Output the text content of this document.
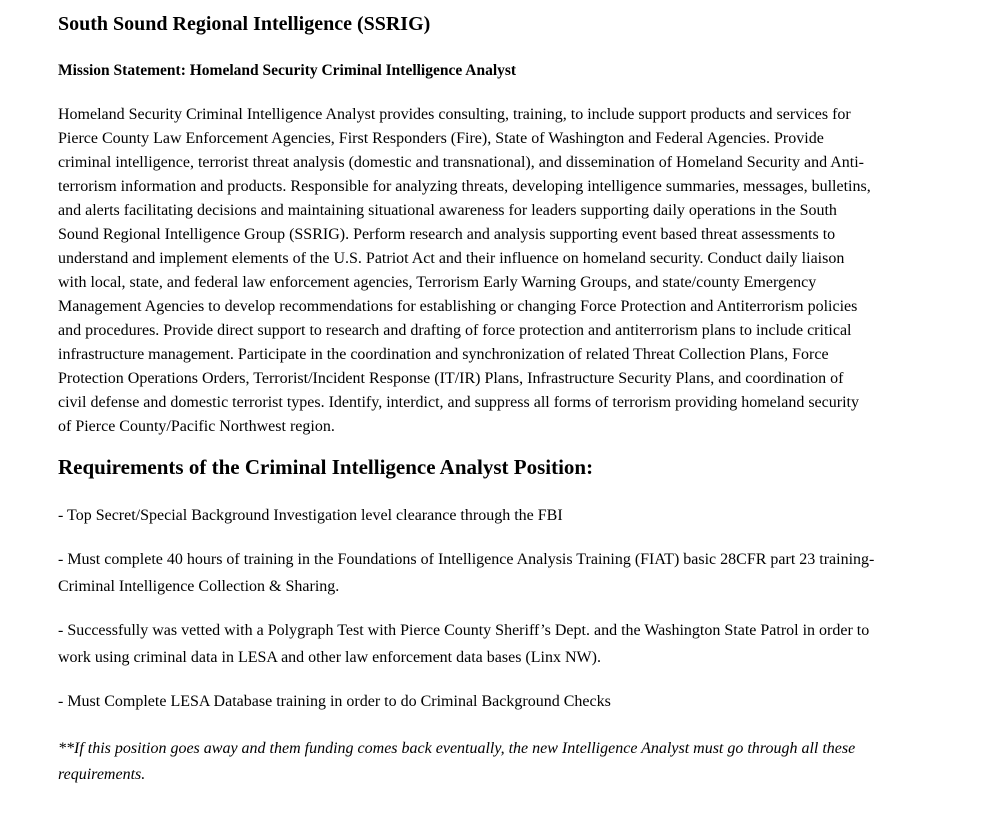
South Sound Regional Intelligence (SSRIG)
Mission Statement: Homeland Security Criminal Intelligence Analyst

Homeland Security Criminal Intelligence Analyst provides consulting, training, to include support products and services for Pierce County Law Enforcement Agencies, First Responders (Fire), State of Washington and Federal Agencies. Provide criminal intelligence, terrorist threat analysis (domestic and transnational), and dissemination of Homeland Security and Anti-terrorism information and products. Responsible for analyzing threats, developing intelligence summaries, messages, bulletins, and alerts facilitating decisions and maintaining situational awareness for leaders supporting daily operations in the South Sound Regional Intelligence Group (SSRIG). Perform research and analysis supporting event based threat assessments to understand and implement elements of the U.S. Patriot Act and their influence on homeland security. Conduct daily liaison with local, state, and federal law enforcement agencies, Terrorism Early Warning Groups, and state/county Emergency Management Agencies to develop recommendations for establishing or changing Force Protection and Antiterrorism policies and procedures. Provide direct support to research and drafting of force protection and antiterrorism plans to include critical infrastructure management. Participate in the coordination and synchronization of related Threat Collection Plans, Force Protection Operations Orders, Terrorist/Incident Response (IT/IR) Plans, Infrastructure Security Plans, and coordination of civil defense and domestic terrorist types. Identify, interdict, and suppress all forms of terrorism providing homeland security of Pierce County/Pacific Northwest region.

Requirements of the Criminal Intelligence Analyst Position:

- Top Secret/Special Background Investigation level clearance through the FBI

- Must complete 40 hours of training in the Foundations of Intelligence Analysis Training (FIAT) basic 28CFR part 23 training-Criminal Intelligence Collection & Sharing.

- Successfully was vetted with a Polygraph Test with Pierce County Sheriff’s Dept. and the Washington State Patrol in order to work using criminal data in LESA and other law enforcement data bases (Linx NW).

- Must Complete LESA Database training in order to do Criminal Background Checks

**If this position goes away and them funding comes back eventually, the new Intelligence Analyst must go through all these requirements.
